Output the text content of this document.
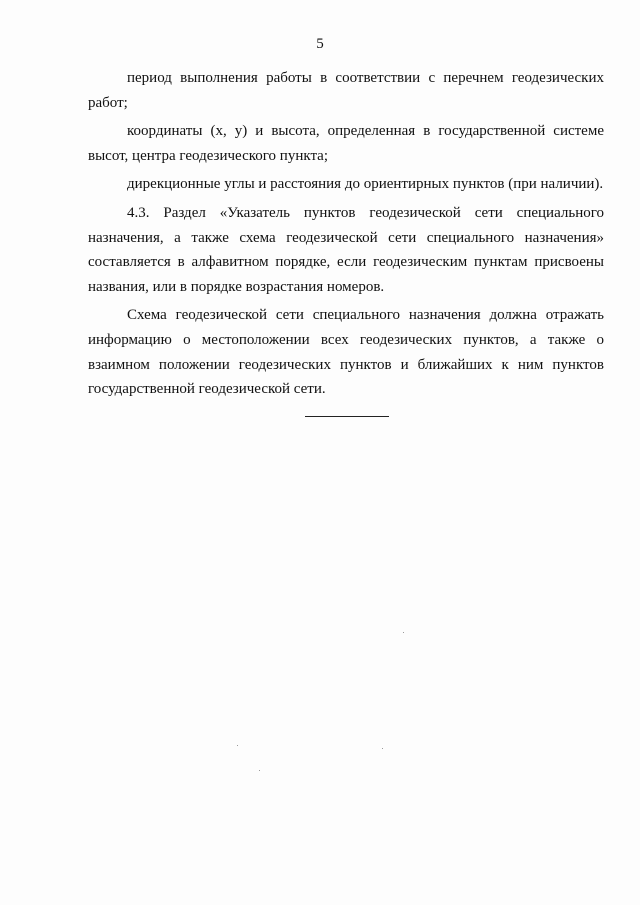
5

период выполнения работы в соответствии с перечнем геодезических работ;

координаты (х, у) и высота, определенная в государственной системе высот, центра геодезического пункта;

дирекционные углы и расстояния до ориентирных пунктов (при наличии).

4.3. Раздел «Указатель пунктов геодезической сети специального назначения, а также схема геодезической сети специального назначения» составляется в алфавитном порядке, если геодезическим пунктам присвоены названия, или в порядке возрастания номеров.

Схема геодезической сети специального назначения должна отражать информацию о местоположении всех геодезических пунктов, а также о взаимном положении геодезических пунктов и ближайших к ним пунктов государственной геодезической сети.
